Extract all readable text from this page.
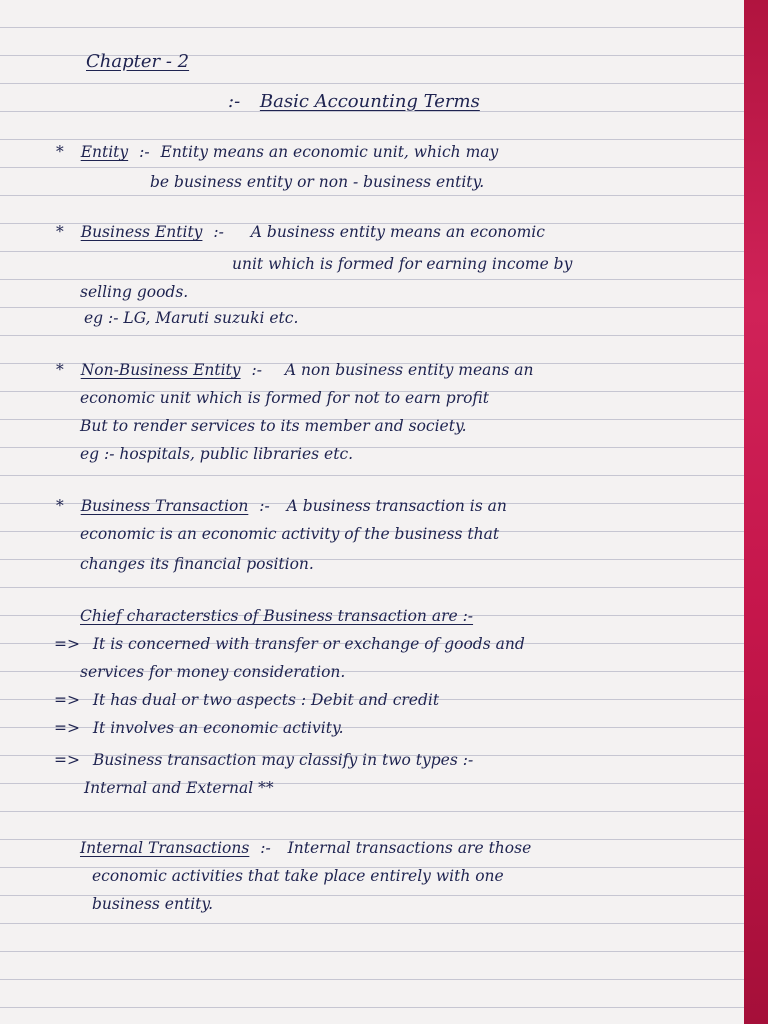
Chapter - 2
:- Basic Accounting Terms
* Entity :- Entity means an economic unit, which may
be business entity or non - business entity.
* Business Entity :- A business entity means an economic
unit which is formed for earning income by
selling goods.
eg :- LG, Maruti suzuki etc.
* Non-Business Entity :- A non business entity means an
economic unit which is formed for not to earn profit
But to render services to its member and society.
eg :- hospitals, public libraries etc.
* Business Transaction :- A business transaction is an
economic is an economic activity of the business that
changes its financial position.
Chief characterstics of Business transaction are :-
=> It is concerned with transfer or exchange of goods and
services for money consideration.
=> It has dual or two aspects : Debit and credit
=> It involves an economic activity.
=> Business transaction may classify in two types :-
Internal and External **
Internal Transactions :- Internal transactions are those
economic activities that take place entirely with one
business entity.
